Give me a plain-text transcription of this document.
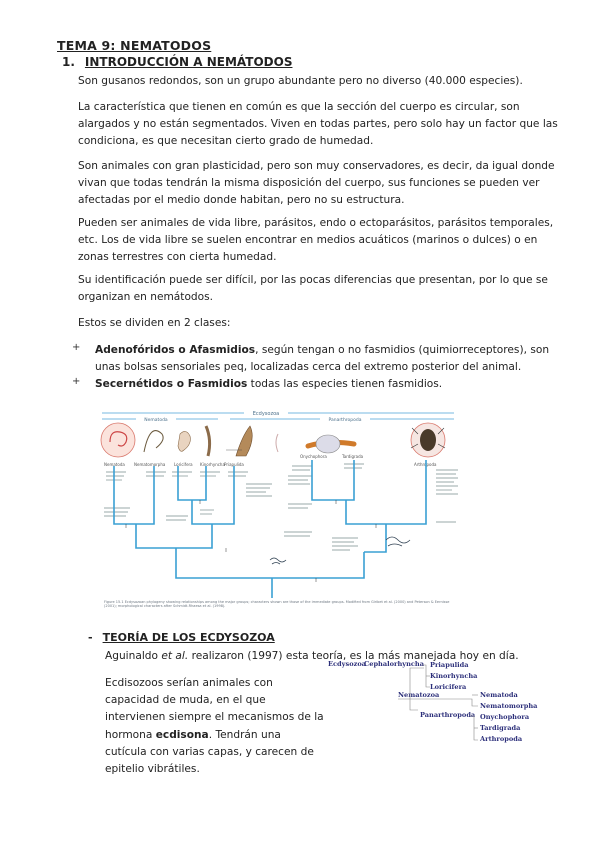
TEMA 9: NEMATODOS
1. INTRODUCCIÓN A NEMÁTODOS
Son gusanos redondos, son un grupo abundante pero no diverso (40.000 especies).
La característica que tienen en común es que la sección del cuerpo es circular, son alargados y no están segmentados. Viven en todas partes, pero solo hay un factor que las condiciona, es que necesitan cierto grado de humedad.
Son animales con gran plasticidad, pero son muy conservadores, es decir, da igual donde vivan que todas tendrán la misma disposición del cuerpo, sus funciones se pueden ver afectadas por el medio donde habitan, pero no su estructura.
Pueden ser animales de vida libre, parásitos, endo o ectoparásitos, parásitos temporales, etc. Los de vida libre se suelen encontrar en medios acuáticos (marinos o dulces) o en zonas terrestres con cierta humedad.
Su identificación puede ser difícil, por las pocas diferencias que presentan, por lo que se organizan en nemátodos.
Estos se dividen en 2 clases:
+ Adenofóridos o Afasmidios, según tengan o no fasmidios (quimiorreceptores), son unas bolsas sensoriales peq, localizadas cerca del extremo posterior del animal.
+ Secernétidos o Fasmidios todas las especies tienen fasmidios.
Ecdysozoa
Nematoda	Panarthropoda
Nematoda Nematomorpha Loricifera Kinorhyncha Priapulida
Onychophora	Tardigrada
Arthropoda
Figure 15.1 Ecdysozoan phylogeny showing relationships among the major groups; characters shown are those of the immediate groups. Modified from Giribet et al. (2000) and Peterson & Eernisse (2001); morphological characters after Schmidt-Rhaesa et al. (1998).
- TEORÍA DE LOS ECDYSOZOA
Aguinaldo et al. realizaron (1997) esta teoría, es la más manejada hoy en día.
Ecdisozoos serían animales con capacidad de muda, en el que intervienen siempre el mecanismos de la hormona ecdisona. Tendrán una cutícula con varias capas, y carecen de epitelio vibrátiles.
Ecdysozoa
Cephalorhyncha Priapulida
Kinorhyncha
Loricifera
Nematozoa	Nematoda
Nematomorpha
Panarthropoda Onychophora
Tardigrada
Arthropoda
